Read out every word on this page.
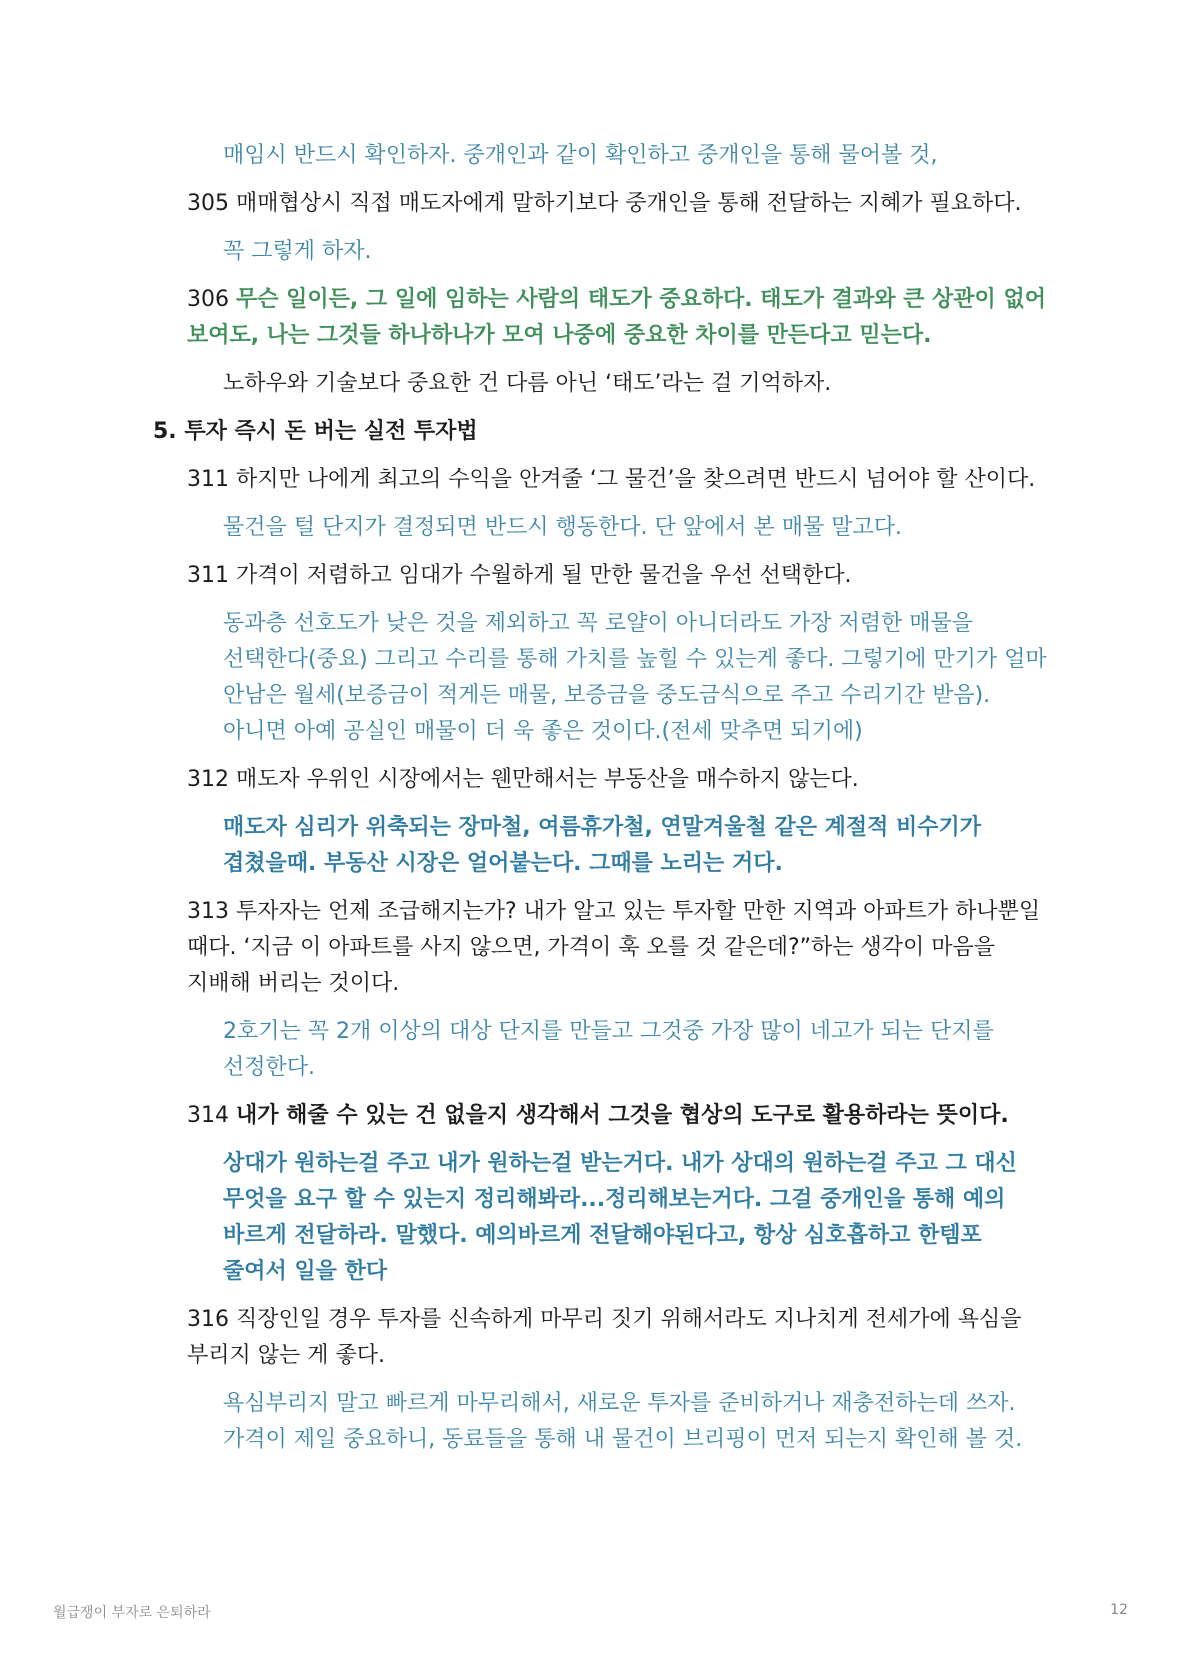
매임시 반드시 확인하자. 중개인과 같이 확인하고 중개인을 통해 물어볼 것,

305 매매협상시 직접 매도자에게 말하기보다 중개인을 통해 전달하는 지혜가 필요하다.

꼭 그렇게 하자.

306 무슨 일이든, 그 일에 임하는 사람의 태도가 중요하다. 태도가 결과와 큰 상관이 없어 보여도, 나는 그것들 하나하나가 모여 나중에 중요한 차이를 만든다고 믿는다.

노하우와 기술보다 중요한 건 다름 아닌 ‘태도’라는 걸 기억하자.

5. 투자 즉시 돈 버는 실전 투자법

311 하지만 나에게 최고의 수익을 안겨줄 ‘그 물건’을 찾으려면 반드시 넘어야 할 산이다.

물건을 털 단지가 결정되면 반드시 행동한다. 단 앞에서 본 매물 말고다.

311 가격이 저렴하고 임대가 수월하게 될 만한 물건을 우선 선택한다.

동과층 선호도가 낮은 것을 제외하고 꼭 로얄이 아니더라도 가장 저렴한 매물을 선택한다(중요) 그리고 수리를 통해 가치를 높힐 수 있는게 좋다. 그렇기에 만기가 얼마 안남은 월세(보증금이 적게든 매물, 보증금을 중도금식으로 주고 수리기간 받음). 아니면 아예 공실인 매물이 더 욱 좋은 것이다.(전세 맞추면 되기에)

312 매도자 우위인 시장에서는 웬만해서는 부동산을 매수하지 않는다.

매도자 심리가 위축되는 장마철, 여름휴가철, 연말겨울철 같은 계절적 비수기가 겹쳤을때. 부동산 시장은 얼어붙는다. 그때를 노리는 거다.

313 투자자는 언제 조급해지는가? 내가 알고 있는 투자할 만한 지역과 아파트가 하나뿐일 때다. ‘지금 이 아파트를 사지 않으면, 가격이 훅 오를 것 같은데?”하는 생각이 마음을 지배해 버리는 것이다.

2호기는 꼭 2개 이상의 대상 단지를 만들고 그것중 가장 많이 네고가 되는 단지를 선정한다.

314 내가 해줄 수 있는 건 없을지 생각해서 그것을 협상의 도구로 활용하라는 뜻이다.

상대가 원하는걸 주고 내가 원하는걸 받는거다. 내가 상대의 원하는걸 주고 그 대신 무엇을 요구 할 수 있는지 정리해봐라...정리해보는거다. 그걸 중개인을 통해 예의 바르게 전달하라. 말했다. 예의바르게 전달해야된다고, 항상 심호흡하고 한템포 줄여서 일을 한다

316 직장인일 경우 투자를 신속하게 마무리 짓기 위해서라도 지나치게 전세가에 욕심을 부리지 않는 게 좋다.

욕심부리지 말고 빠르게 마무리해서, 새로운 투자를 준비하거나 재충전하는데 쓰자. 가격이 제일 중요하니, 동료들을 통해 내 물건이 브리핑이 먼저 되는지 확인해 볼 것.

월급쟁이 부자로 은퇴하라	12
